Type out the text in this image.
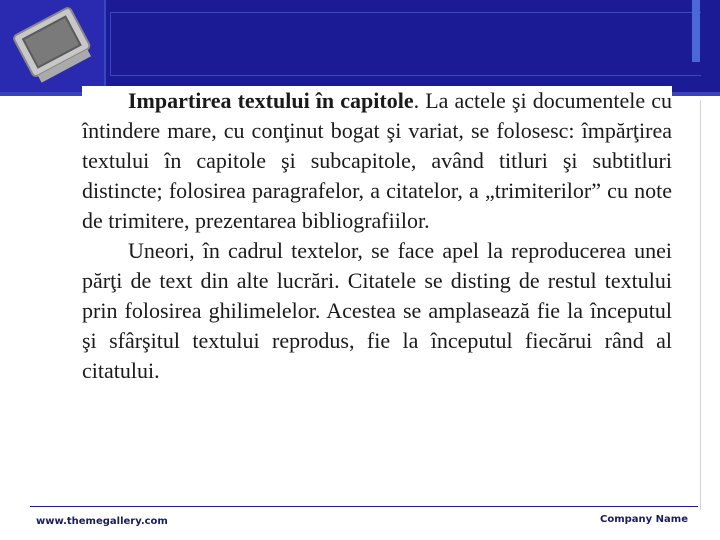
Impartirea textului în capitole. La actele şi documentele cu întindere mare, cu conţinut bogat şi variat, se folosesc: împărţirea textului în capitole şi subcapitole, având titluri şi subtitluri distincte; folosirea paragrafelor, a citatelor, a „trimiterilor” cu note de trimitere, prezentarea bibliografiilor.

Uneori, în cadrul textelor, se face apel la reproducerea unei părţi de text din alte lucrări. Citatele se disting de restul textului prin folosirea ghilimelelor. Acestea se amplasează fie la începutul şi sfârşitul textului reprodus, fie la începutul fiecărui rând al citatului.

www.themegallery.com	Company Name
